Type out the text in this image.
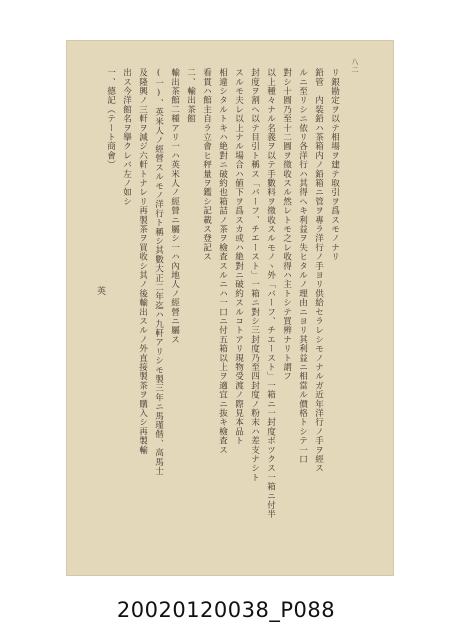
八二
リ銀勘定ヲ以テ相場ヲ建テ取引ヲ爲スモノナリ
鉛管　内装鉛ハ茶箱内ノ鉛箱ニ管ヲ專ラ洋行ノ手ヨリ供給セラレシモノナルガ近年洋行ノ手ヲ經ス
ルニ至リシニ依リ各洋行ハ其得ヘキ利益ヲ失ヒタルノ理由ニヨリ其利益ニ相當ル價格トシテ一口
對シ十圓乃至十二圓ヲ徵收スル然レトモ之レ收得ハ主トシテ買辨ナリト謂フ
以上種々ナル名義ヲ以テ手數料ヲ徵收スルモノヽ外「バーフ、チエースト」一箱ニ一封度ボツクス一箱ニ付半
封度ヲ割ヘ以テ目引ト稱ス「バーフ、チエースト」一箱ニ對シ三封度乃至四封度ノ粉末ハ差支ナシト
スルモ夫レ以上ナル場合ハ値下ヲ爲スカ或ハ絶對ニ破約スルコトアリ現物受渡ノ際見本品ト
相違シタルトキハ絶對ニ破約也箱詰ノ茶ヲ檢査スルニハ一口ニ付五箱以上ヲ適宜ニ抜キ檢査ス
看貫ハ館主自ラ立會ヒ秤量ヲ鑑シ記載ス登記ス
二、輸出茶館
輸出茶館二種アリ一ハ英米人ノ經營ニ屬シ一ハ內地人ノ經營ニ屬ス
(一)、英米人ノ經營スルモノ洋行ト稱シ其數大正二年迄ハ九軒アリシモ製三年ニ馬瑾偕、高馬士
及隆興ノ三軒ヲ減ジ六軒トナレリ再製茶ヲ買收シ其ノ後輸出スルノ外直接製茶ヲ購入シ再製輸
出ス今洋館名ヲ擧クレバ左ノ如シ
一、德記（テート商會）
英
20020120038_P088
